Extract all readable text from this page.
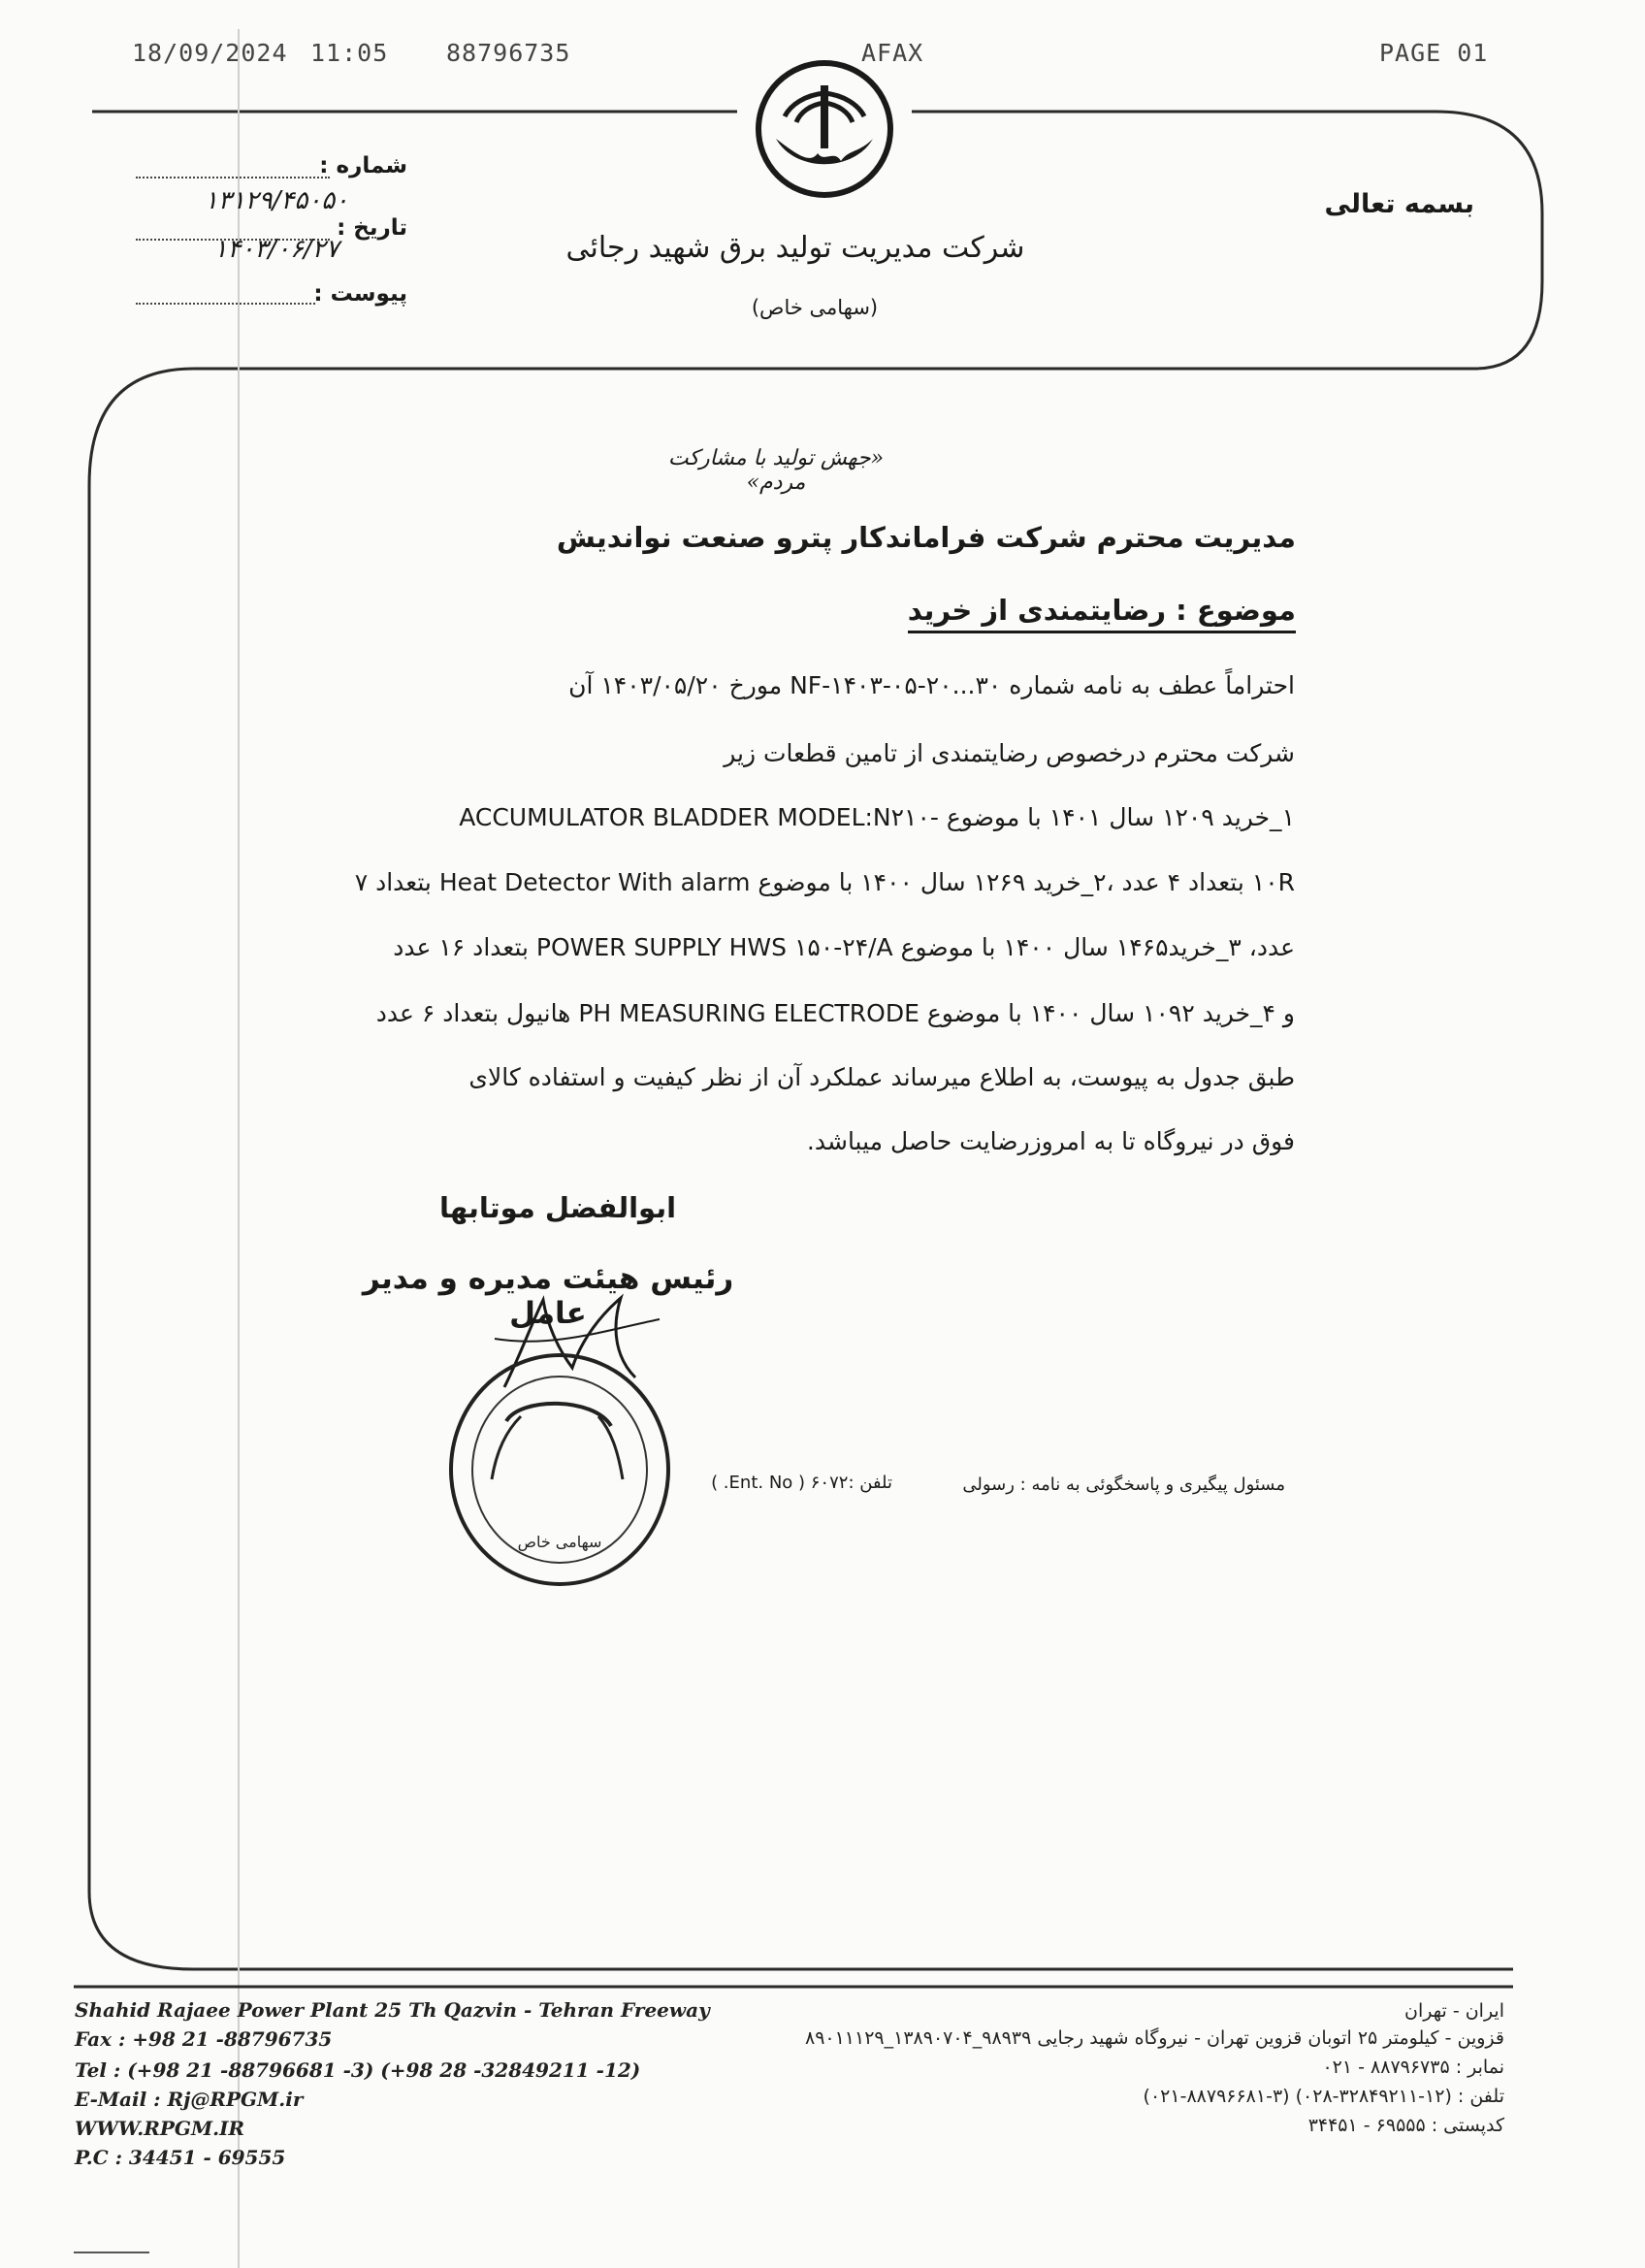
18/09/2024 11:05 88796735	AFAX	PAGE 01
شماره :
۱۳۱۲۹/۴۵۰۵۰
تاریخ :
۱۴۰۳/۰۶/۲۷
پیوست :
بسمه تعالی
شرکت مدیریت تولید برق شهید رجائی
(سهامی خاص)
«جهش تولید با مشارکت مردم»
مدیریت محترم شرکت فراماندکار پترو صنعت نواندیش
موضوع : رضایتمندی از خرید
احتراماً عطف به نامه شماره NF-۱۴۰۳-۰۵-۲۰...۳۰ مورخ ۱۴۰۳/۰۵/۲۰ آن
شرکت محترم درخصوص رضایتمندی از تامین قطعات زیر
۱_خرید ۱۲۰۹ سال ۱۴۰۱ با موضوع -ACCUMULATOR BLADDER MODEL:N۲۱۰
۱۰R بتعداد ۴ عدد ،۲_خرید ۱۲۶۹ سال ۱۴۰۰ با موضوع Heat Detector With alarm بتعداد ۷
عدد، ۳_خرید۱۴۶۵ سال ۱۴۰۰ با موضوع POWER SUPPLY HWS ۱۵۰-۲۴/A بتعداد ۱۶ عدد
و ۴_خرید ۱۰۹۲ سال ۱۴۰۰ با موضوع PH MEASURING ELECTRODE هانیول بتعداد ۶ عدد
طبق جدول به پیوست، به اطلاع میرساند عملکرد آن از نظر کیفیت و استفاده کالای
فوق در نیروگاه تا به امروزرضایت حاصل میباشد.
ابوالفضل موتابها
رئیس هیئت مدیره و مدیر عامل
سهامی خاص
مسئول پیگیری و پاسخگوئی به نامه : رسولی
تلفن :۶۰۷۲ ( Ent. No. )
Shahid Rajaee Power Plant 25 Th Qazvin - Tehran Freeway
Fax : +98 21 -88796735
Tel : (+98 21 -88796681 -3) (+98 28 -32849211 -12)
E-Mail : Rj@RPGM.ir
WWW.RPGM.IR
P.C : 34451 - 69555
ایران - تهران
قزوین - کیلومتر ۲۵ اتوبان قزوین تهران - نیروگاه شهید رجایی ۹۸۹۳۹_۱۳۸۹۰۷۰۴_۸۹۰۱۱۱۲۹
نمابر : ۸۸۷۹۶۷۳۵ - ۰۲۱
تلفن : (۱۲-۳۲۸۴۹۲۱۱-۰۲۸) (۳-۸۸۷۹۶۶۸۱-۰۲۱)
کدپستی : ۶۹۵۵۵ - ۳۴۴۵۱
